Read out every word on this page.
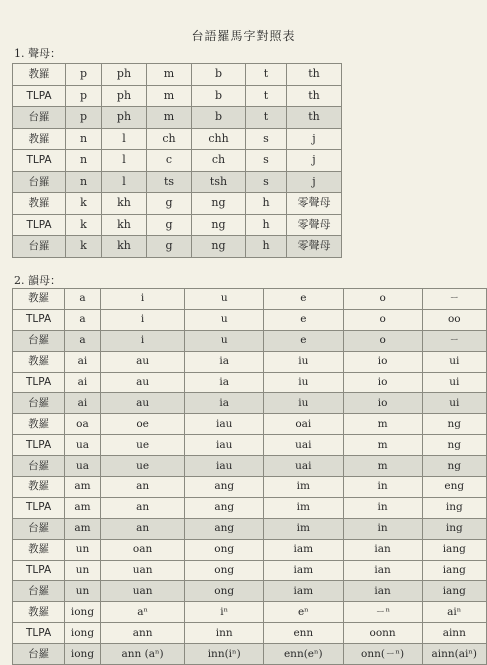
台語羅馬字對照表
1. 聲母：
教羅	p	ph	m	b	t	th
TLPA	p	ph	m	b	t	th
台羅	p	ph	m	b	t	th
教羅	n	l	ch	chh	s	j
TLPA	n	l	c	ch	s	j
台羅	n	l	ts	tsh	s	j
教羅	k	kh	g	ng	h	零聲母
TLPA	k	kh	g	ng	h	零聲母
台羅	k	kh	g	ng	h	零聲母
2. 韻母：
教羅	a	i	u	e	o	ㄧ
TLPA	a	i	u	e	o	oo
台羅	a	i	u	e	o	ㄧ
教羅	ai	au	ia	iu	io	ui
TLPA	ai	au	ia	iu	io	ui
台羅	ai	au	ia	iu	io	ui
教羅	oa	oe	iau	oai	m	ng
TLPA	ua	ue	iau	uai	m	ng
台羅	ua	ue	iau	uai	m	ng
教羅	am	an	ang	im	in	eng
TLPA	am	an	ang	im	in	ing
台羅	am	an	ang	im	in	ing
教羅	un	oan	ong	iam	ian	iang
TLPA	un	uan	ong	iam	ian	iang
台羅	un	uan	ong	iam	ian	iang
教羅	iong	aⁿ	iⁿ	eⁿ	ㄧⁿ	aiⁿ
TLPA	iong	ann	inn	enn	oonn	ainn
台羅	iong	ann (aⁿ)	inn(iⁿ)	enn(eⁿ)	onn(ㄧⁿ)	ainn(aiⁿ)
